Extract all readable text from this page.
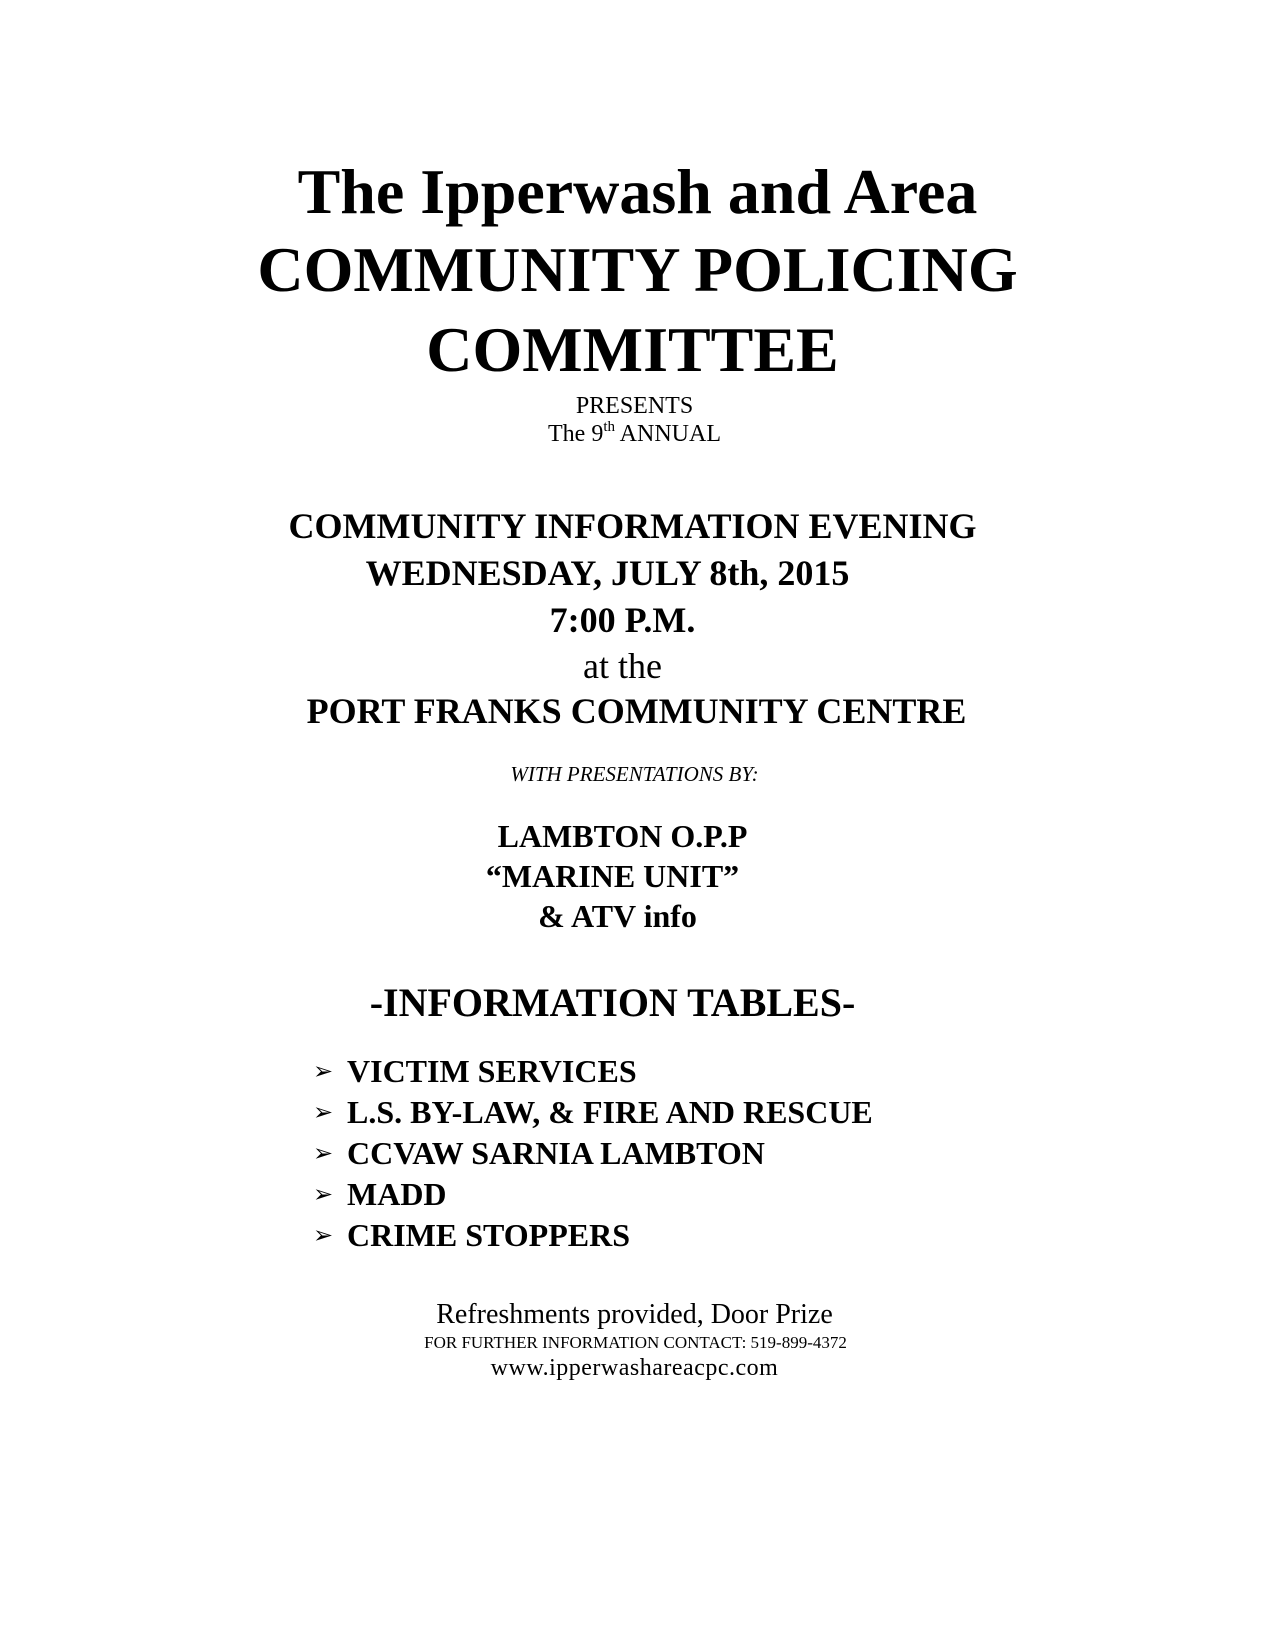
The Ipperwash and Area
COMMUNITY POLICING
COMMITTEE
PRESENTS
The 9th ANNUAL
COMMUNITY INFORMATION EVENING
WEDNESDAY, JULY 8th, 2015
7:00 P.M.
at the
PORT FRANKS COMMUNITY CENTRE
WITH PRESENTATIONS BY:
LAMBTON O.P.P
“MARINE UNIT”
& ATV info
-INFORMATION TABLES-
➢ VICTIM SERVICES
➢ L.S. BY-LAW, & FIRE AND RESCUE
➢ CCVAW SARNIA LAMBTON
➢ MADD
➢ CRIME STOPPERS
Refreshments provided, Door Prize
FOR FURTHER INFORMATION CONTACT: 519-899-4372
www.ipperwashareacpc.com
